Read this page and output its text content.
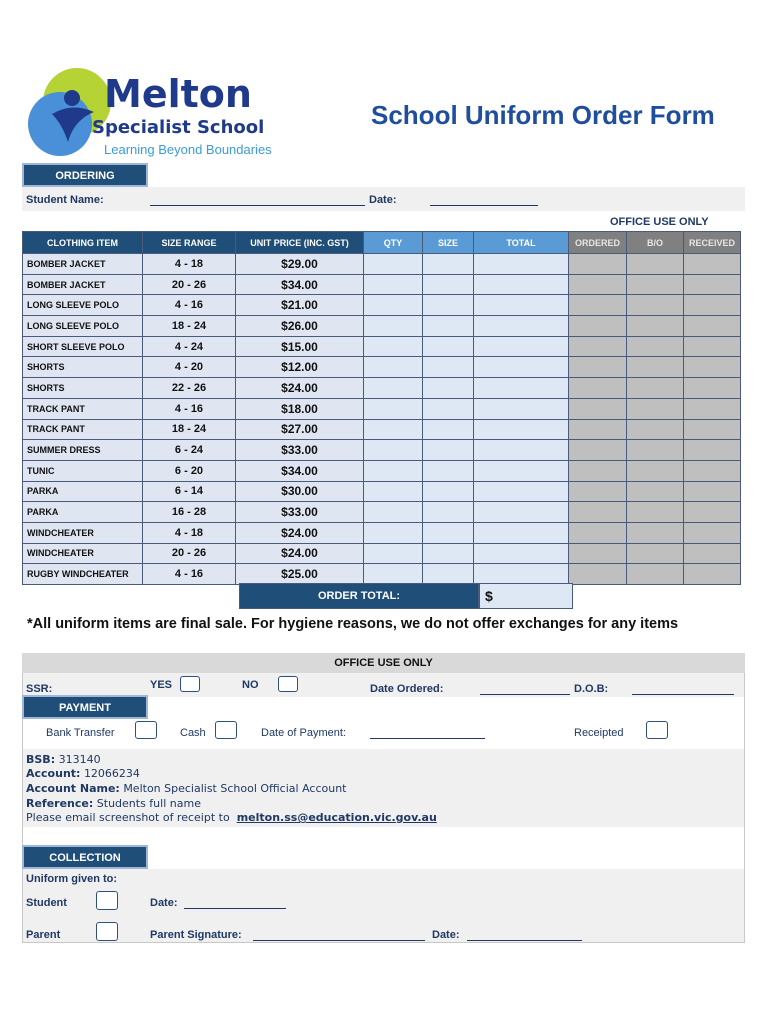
Melton
Specialist School
Learning Beyond Boundaries
School Uniform Order Form
ORDERING
Student Name:	Date:
OFFICE USE ONLY
CLOTHING ITEM	SIZE RANGE	UNIT PRICE (INC. GST)	QTY	SIZE	TOTAL	ORDERED	B/O	RECEIVED
BOMBER JACKET	4 - 18	$29.00						
BOMBER JACKET	20 - 26	$34.00						
LONG SLEEVE POLO	4 - 16	$21.00						
LONG SLEEVE POLO	18 - 24	$26.00						
SHORT SLEEVE POLO	4 - 24	$15.00						
SHORTS	4 - 20	$12.00						
SHORTS	22 - 26	$24.00						
TRACK PANT	4 - 16	$18.00						
TRACK PANT	18 - 24	$27.00						
SUMMER DRESS	6 - 24	$33.00						
TUNIC	6 - 20	$34.00						
PARKA	6 - 14	$30.00						
PARKA	16 - 28	$33.00						
WINDCHEATER	4 - 18	$24.00						
WINDCHEATER	20 - 26	$24.00						
RUGBY WINDCHEATER	4 - 16	$25.00						
ORDER TOTAL:	$
*All uniform items are final sale. For hygiene reasons, we do not offer exchanges for any items
OFFICE USE ONLY
SSR:	YES	NO	Date Ordered:	D.O.B:
PAYMENT
Bank Transfer	Cash	Date of Payment:	Receipted
BSB: 313140
Account: 12066234
Account Name: Melton Specialist School Official Account
Reference: Students full name
Please email screenshot of receipt to melton.ss@education.vic.gov.au
COLLECTION
Uniform given to:
Student	Date:
Parent	Parent Signature:	Date:
